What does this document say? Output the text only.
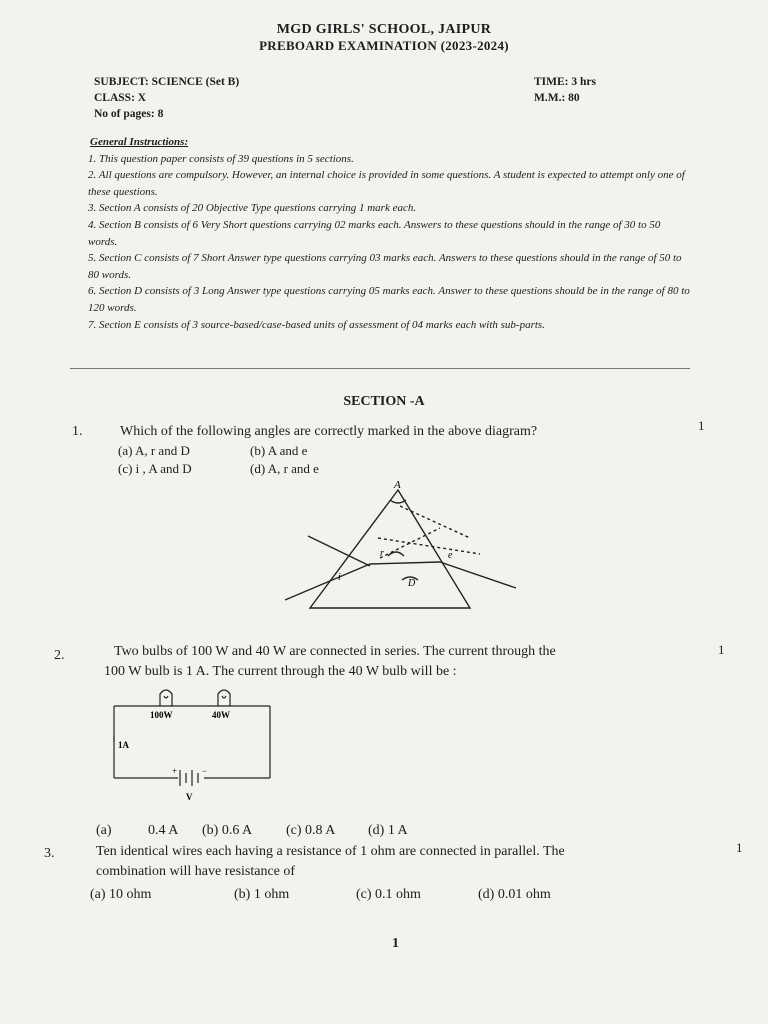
MGD GIRLS' SCHOOL, JAIPUR
PREBOARD EXAMINATION (2023-2024)
SUBJECT: SCIENCE (Set B)
CLASS: X
No of pages: 8
TIME: 3 hrs
M.M.: 80
General Instructions:

1. This question paper consists of 39 questions in 5 sections.

2. All questions are compulsory. However, an internal choice is provided in some questions. A student is expected to attempt only one of these questions.

3. Section A consists of 20 Objective Type questions carrying 1 mark each.

4. Section B consists of 6 Very Short questions carrying 02 marks each. Answers to these questions should in the range of 30 to 50 words.

5. Section C consists of 7 Short Answer type questions carrying 03 marks each. Answers to these questions should in the range of 50 to 80 words.

6. Section D consists of 3 Long Answer type questions carrying 05 marks each. Answer to these questions should be in the range of 80 to 120 words.

7. Section E consists of 3 source-based/case-based units of assessment of 04 marks each with sub-parts.

SECTION -A
1.	Which of the following angles are correctly marked in the above diagram?	1
(a) A, r and D	(b) A and e
(c) i , A and D	(d) A, r and e
A
r	e
i
D
2.	Two bulbs of 100 W and 40 W are connected in series. The current through the
100 W bulb is 1 A. The current through the 40 W bulb will be :
1
100W	40W
1A
+	−
V
(a)	0.4 A (b) 0.6 A (c) 0.8 A (d) 1 A
3.	Ten identical wires each having a resistance of 1 ohm are connected in parallel. The
combination will have resistance of
1
(a) 10 ohm	(b) 1 ohm	(c) 0.1 ohm	(d) 0.01 ohm
1
